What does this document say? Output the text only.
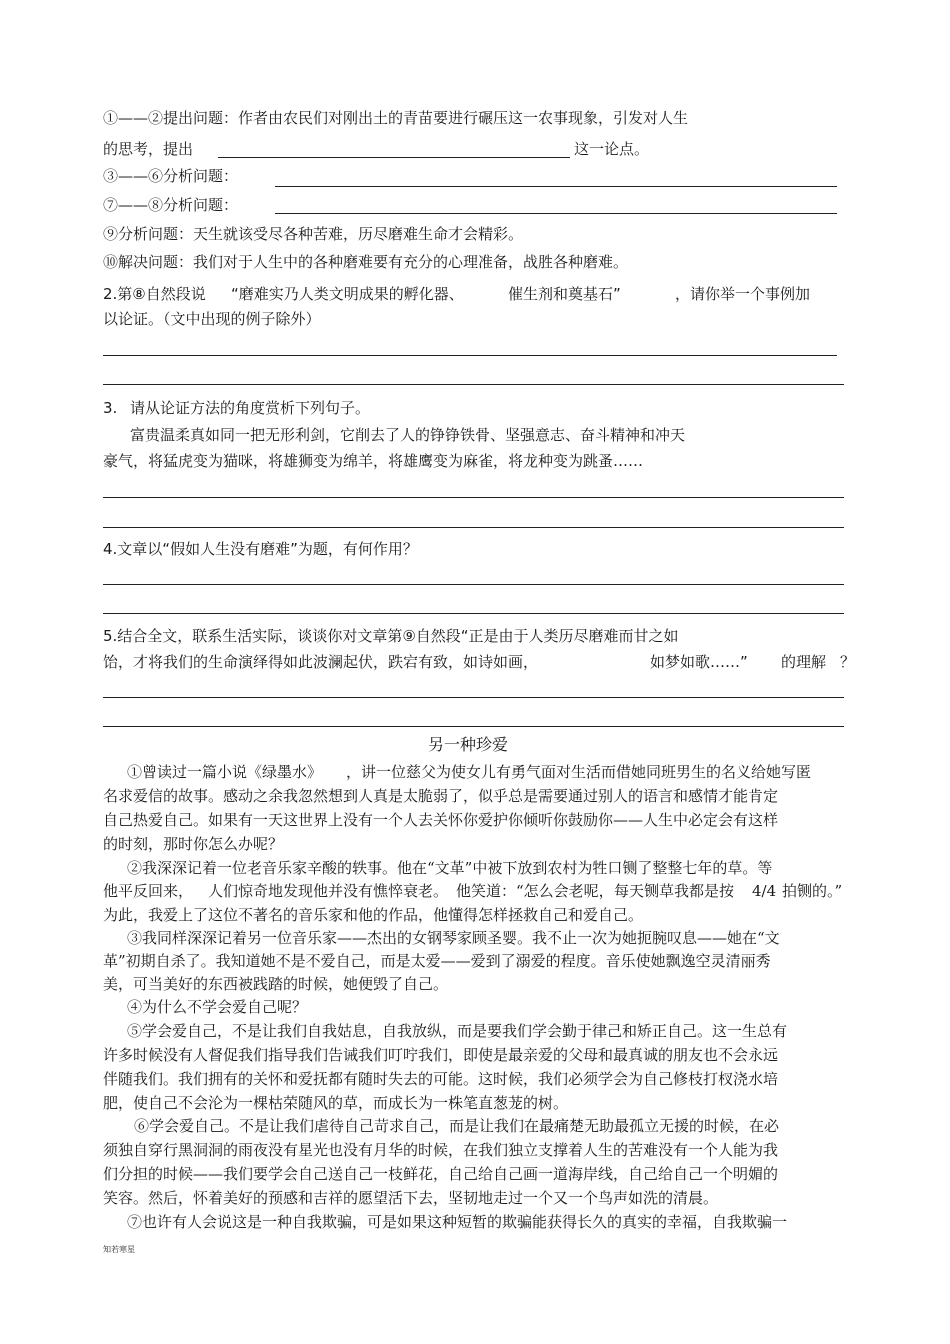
①——②提出问题：作者由农民们对刚出土的青苗要进行碾压这一农事现象，引发对人生
的思考，提出	这一论点。
③——⑥分析问题：
⑦——⑧分析问题：
⑨分析问题：天生就该受尽各种苦难，历尽磨难生命才会精彩。
⑩解决问题：我们对于人生中的各种磨难要有充分的心理准备，战胜各种磨难。
2.第⑧自然段说 “磨难实乃人类文明成果的孵化器、	催生剂和奠基石”	，请你举一个事例加
以论证。（文中出现的例子除外）
3. 请从论证方法的角度赏析下列句子。
富贵温柔真如同一把无形利剑，它削去了人的铮铮铁骨、坚强意志、奋斗精神和冲天
豪气，将猛虎变为猫咪，将雄狮变为绵羊，将雄鹰变为麻雀，将龙种变为跳蚤……
4.文章以“假如人生没有磨难”为题，有何作用？
5.结合全文，联系生活实际，谈谈你对文章第⑨自然段“正是由于人类历尽磨难而甘之如
饴，才将我们的生命演绎得如此波澜起伏，跌宕有致，如诗如画，	如梦如歌……” 的理解 ？
另一种珍爱
①曾读过一篇小说《绿墨水》 ，讲一位慈父为使女儿有勇气面对生活而借她同班男生的名义给她写匿
名求爱信的故事。感动之余我忽然想到人真是太脆弱了，似乎总是需要通过别人的语言和感情才能肯定
自己热爱自己。如果有一天这世界上没有一个人去关怀你爱护你倾听你鼓励你——人生中必定会有这样
的时刻，那时你怎么办呢？
②我深深记着一位老音乐家辛酸的轶事。他在“文革”中被下放到农村为牲口铡了整整七年的草。等
他平反回来， 人们惊奇地发现他并没有憔悴衰老。 他笑道：“怎么会老呢， 每天铡草我都是按 4/4 拍铡的。”
为此，我爱上了这位不著名的音乐家和他的作品，他懂得怎样拯救自己和爱自己。
③我同样深深记着另一位音乐家——杰出的女钢琴家顾圣婴。我不止一次为她扼腕叹息——她在“文
革”初期自杀了。我知道她不是不爱自己，而是太爱——爱到了溺爱的程度。音乐使她飘逸空灵清丽秀
美，可当美好的东西被践踏的时候，她便毁了自己。
④为什么不学会爱自己呢？
⑤学会爱自己，不是让我们自我姑息，自我放纵，而是要我们学会勤于律己和矫正自己。这一生总有
许多时候没有人督促我们指导我们告诫我们叮咛我们，即使是最亲爱的父母和最真诚的朋友也不会永远
伴随我们。我们拥有的关怀和爱抚都有随时失去的可能。这时候，我们必须学会为自己修枝打杈浇水培
肥，使自己不会沦为一棵枯荣随风的草，而成长为一株笔直葱茏的树。
⑥学会爱自己。不是让我们虐待自己苛求自己，而是让我们在最痛楚无助最孤立无援的时候，在必
须独自穿行黑洞洞的雨夜没有星光也没有月华的时候，在我们独立支撑着人生的苦难没有一个人能为我
们分担的时候——我们要学会自己送自己一枝鲜花，自己给自己画一道海岸线，自己给自己一个明媚的
笑容。然后，怀着美好的预感和吉祥的愿望活下去，坚韧地走过一个又一个鸟声如洗的清晨。
⑦也许有人会说这是一种自我欺骗，可是如果这种短暂的欺骗能获得长久的真实的幸福，自我欺骗一
知若寒星
